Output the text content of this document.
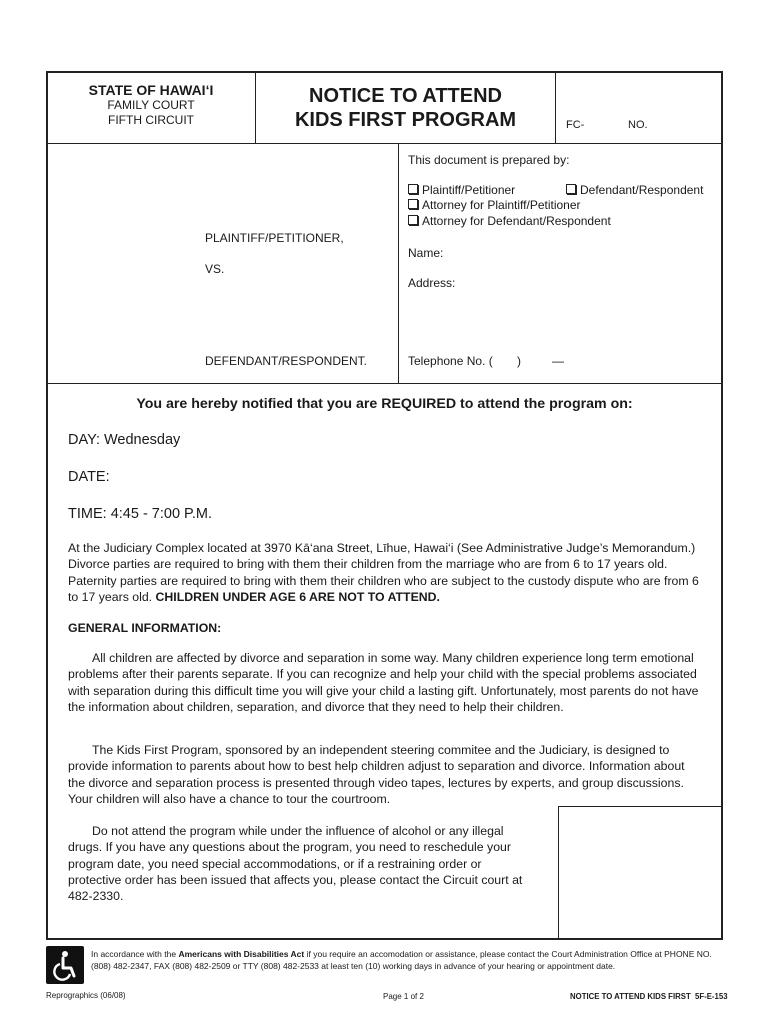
STATE OF HAWAI‘I
FAMILY COURT
FIFTH CIRCUIT
NOTICE TO ATTEND
KIDS FIRST PROGRAM	FC-	NO.
PLAINTIFF/PETITIONER,
VS.
DEFENDANT/RESPONDENT.
This document is prepared by:
Plaintiff/Petitioner	Defendant/Respondent
Attorney for Plaintiff/Petitioner
Attorney for Defendant/Respondent
Name:
Address:
Telephone No. ( )	—
You are hereby notified that you are REQUIRED to attend the program on:
DAY: Wednesday
DATE:
TIME: 4:45 - 7:00 P.M.
At the Judiciary Complex located at 3970 Kā‘ana Street, Līhue, Hawai‘i (See Administrative Judge’s Memorandum.) Divorce parties are required to bring with them their children from the marriage who are from 6 to 17 years old. Paternity parties are required to bring with them their children who are subject to the custody dispute who are from 6 to 17 years old. CHILDREN UNDER AGE 6 ARE NOT TO ATTEND.
GENERAL INFORMATION:
All children are affected by divorce and separation in some way. Many children experience long term emotional problems after their parents separate. If you can recognize and help your child with the special problems associated with separation during this difficult time you will give your child a lasting gift. Unfortunately, most parents do not have the information about children, separation, and divorce that they need to help their children.
The Kids First Program, sponsored by an independent steering commitee and the Judiciary, is designed to provide information to parents about how to best help children adjust to separation and divorce. Information about the divorce and separation process is presented through video tapes, lectures by experts, and group discussions. Your children will also have a chance to tour the courtroom.
Do not attend the program while under the influence of alcohol or any illegal drugs. If you have any questions about the program, you need to reschedule your program date, you need special accommodations, or if a restraining order or protective order has been issued that affects you, please contact the Circuit court at 482-2330.
In accordance with the Americans with Disabilities Act if you require an accomodation or assistance, please contact the Court Administration Office at PHONE NO. (808) 482-2347, FAX (808) 482-2509 or TTY (808) 482-2533 at least ten (10) working days in advance of your hearing or appointment date.
Reprographics (06/08)	Page 1 of 2	NOTICE TO ATTEND KIDS FIRST  5F-E-153
